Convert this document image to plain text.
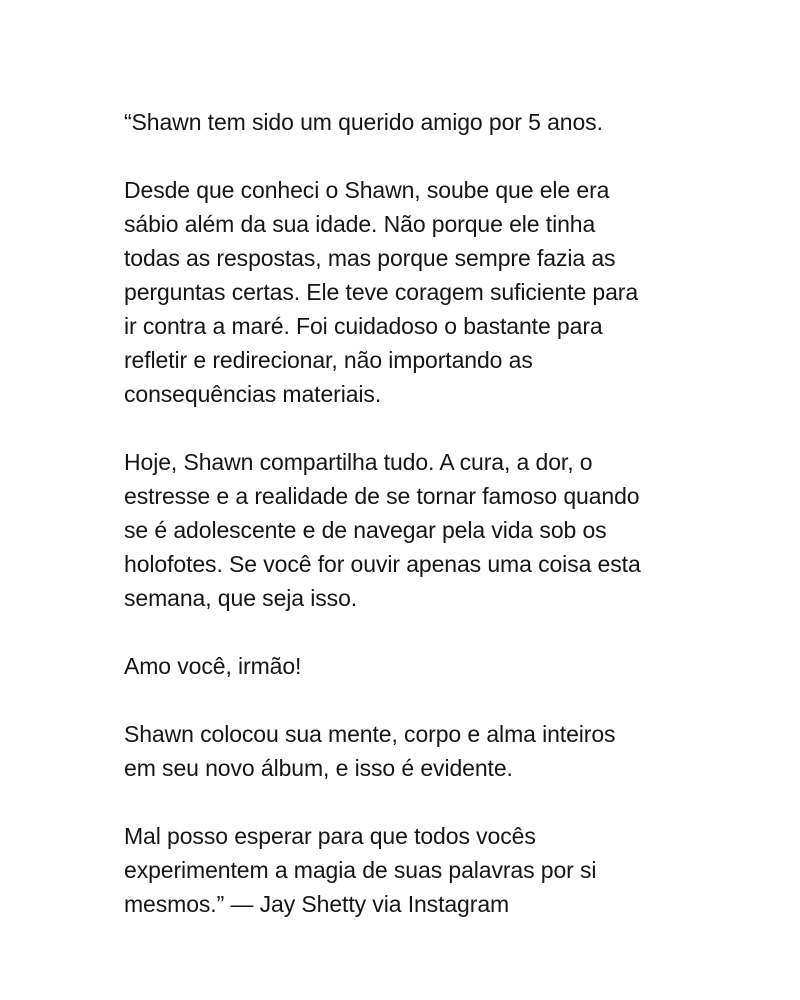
“Shawn tem sido um querido amigo por 5 anos.

Desde que conheci o Shawn, soube que ele era
sábio além da sua idade. Não porque ele tinha
todas as respostas, mas porque sempre fazia as
perguntas certas. Ele teve coragem suficiente para
ir contra a maré. Foi cuidadoso o bastante para
refletir e redirecionar, não importando as
consequências materiais.

Hoje, Shawn compartilha tudo. A cura, a dor, o
estresse e a realidade de se tornar famoso quando
se é adolescente e de navegar pela vida sob os
holofotes. Se você for ouvir apenas uma coisa esta
semana, que seja isso.

Amo você, irmão!

Shawn colocou sua mente, corpo e alma inteiros
em seu novo álbum, e isso é evidente.

Mal posso esperar para que todos vocês
experimentem a magia de suas palavras por si
mesmos.” — Jay Shetty via Instagram
